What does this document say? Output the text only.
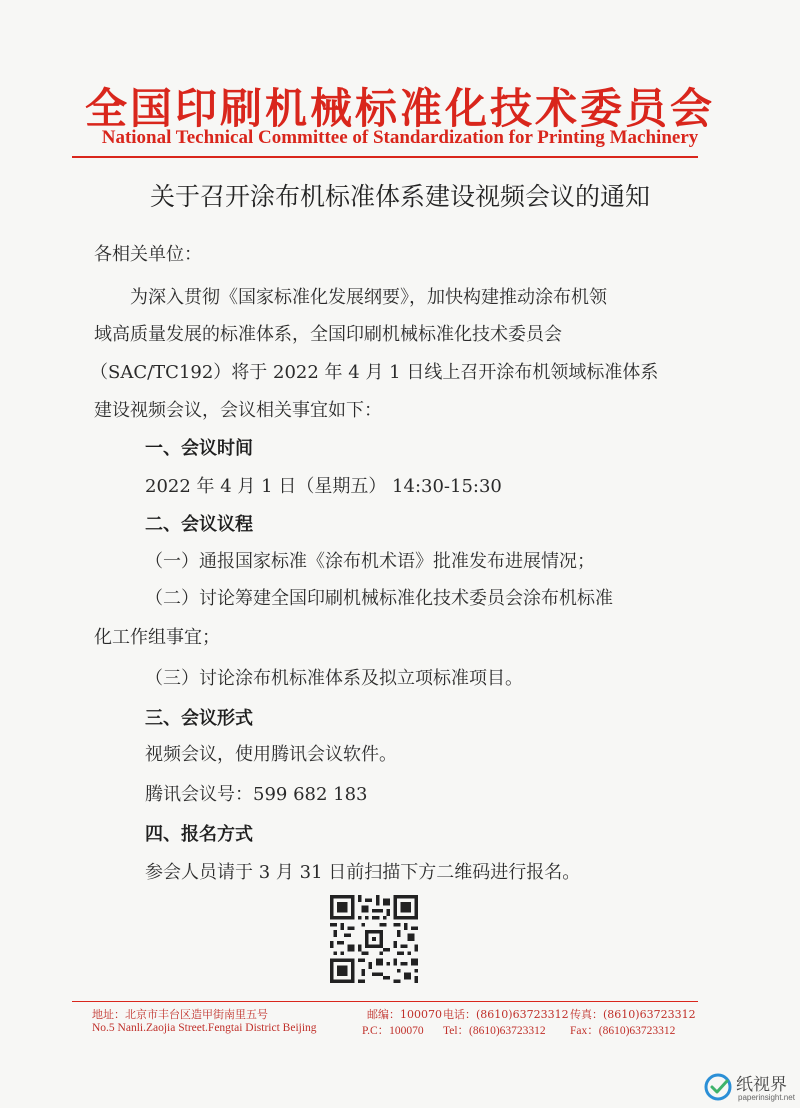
全国印刷机械标准化技术委员会
National Technical Committee of Standardization for Printing Machinery
关于召开涂布机标准体系建设视频会议的通知
各相关单位：
为深入贯彻《国家标准化发展纲要》，加快构建推动涂布机领
域高质量发展的标准体系，全国印刷机械标准化技术委员会
（SAC/TC192）将于 2022 年 4 月 1 日线上召开涂布机领域标准体系
建设视频会议，会议相关事宜如下：
一、会议时间
2022 年 4 月 1 日（星期五） 14:30-15:30
二、会议议程
（一）通报国家标准《涂布机术语》批准发布进展情况；
（二）讨论筹建全国印刷机械标准化技术委员会涂布机标准
化工作组事宜；
（三）讨论涂布机标准体系及拟立项标准项目。
三、会议形式
视频会议，使用腾讯会议软件。
腾讯会议号：599 682 183
四、报名方式
参会人员请于 3 月 31 日前扫描下方二维码进行报名。
地址：北京市丰台区造甲街南里五号
No.5 Nanli.Zaojia Street.Fengtai District Beijing
邮编：100070
P.C：100070
电话：(8610)63723312
Tel：(8610)63723312
传真：(8610)63723312
Fax：(8610)63723312
纸视界
paperinsight.net
